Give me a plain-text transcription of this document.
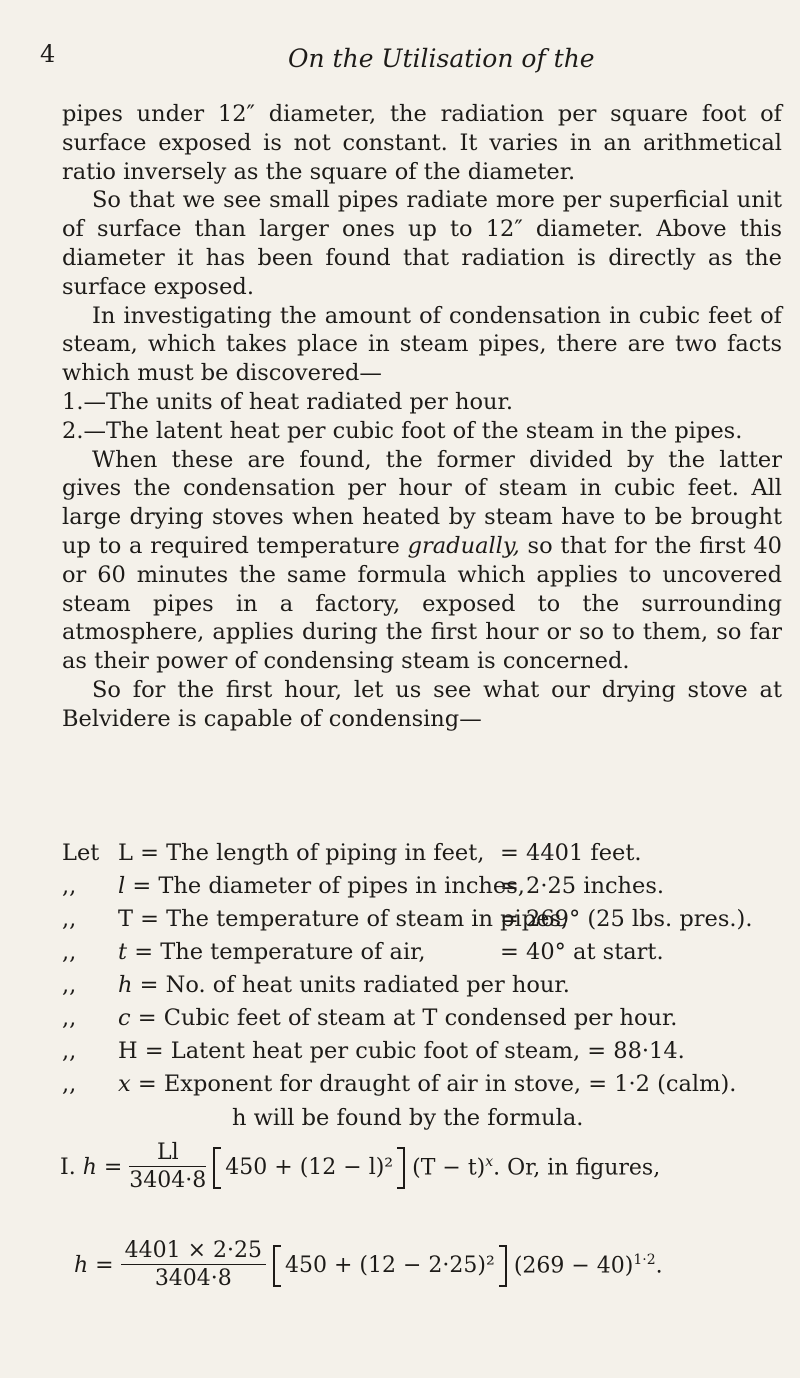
4	On the Utilisation of the

pipes under 12″ diameter, the radiation per square foot of surface exposed is not constant. It varies in an arithmetical ratio inversely as the square of the diameter.

So that we see small pipes radiate more per superficial unit of surface than larger ones up to 12″ diameter. Above this diameter it has been found that radiation is directly as the surface exposed.

In investigating the amount of condensation in cubic feet of steam, which takes place in steam pipes, there are two facts which must be discovered—

1.—The units of heat radiated per hour.

2.—The latent heat per cubic foot of the steam in the pipes.

When these are found, the former divided by the latter gives the condensation per hour of steam in cubic feet. All large drying stoves when heated by steam have to be brought up to a required temperature gradually, so that for the first 40 or 60 minutes the same formula which applies to uncovered steam pipes in a factory, exposed to the surrounding atmosphere, applies during the first hour or so to them, so far as their power of condensing steam is concerned.

So for the first hour, let us see what our drying stove at Belvidere is capable of condensing—

Let L = The length of piping in feet, = 4401 feet.
,, l = The diameter of pipes in inches,
= 2·25 inches.
,, T = The temperature of steam in pipes,
= 269° (25 lbs. pres.).
,, t = The temperature of air,	= 40° at start.
,, h = No. of heat units radiated per hour.
,, c = Cubic feet of steam at T condensed per hour.
,, H = Latent heat per cubic foot of steam, = 88·14.
,, x = Exponent for draught of air in stove, = 1·2 (calm).
h will be found by the formula.
I. $h = \frac{Ll}{3404\cdot 8} 450 + (12 - l)^2$ $(T - t)^x$. Or, in figures,
$h = \frac{4401 \times 2\cdot 25}{3404\cdot 8} 450 + (12 - 2\cdot 25)^2$ $(269 - 40)^{1\cdot 2}$.
